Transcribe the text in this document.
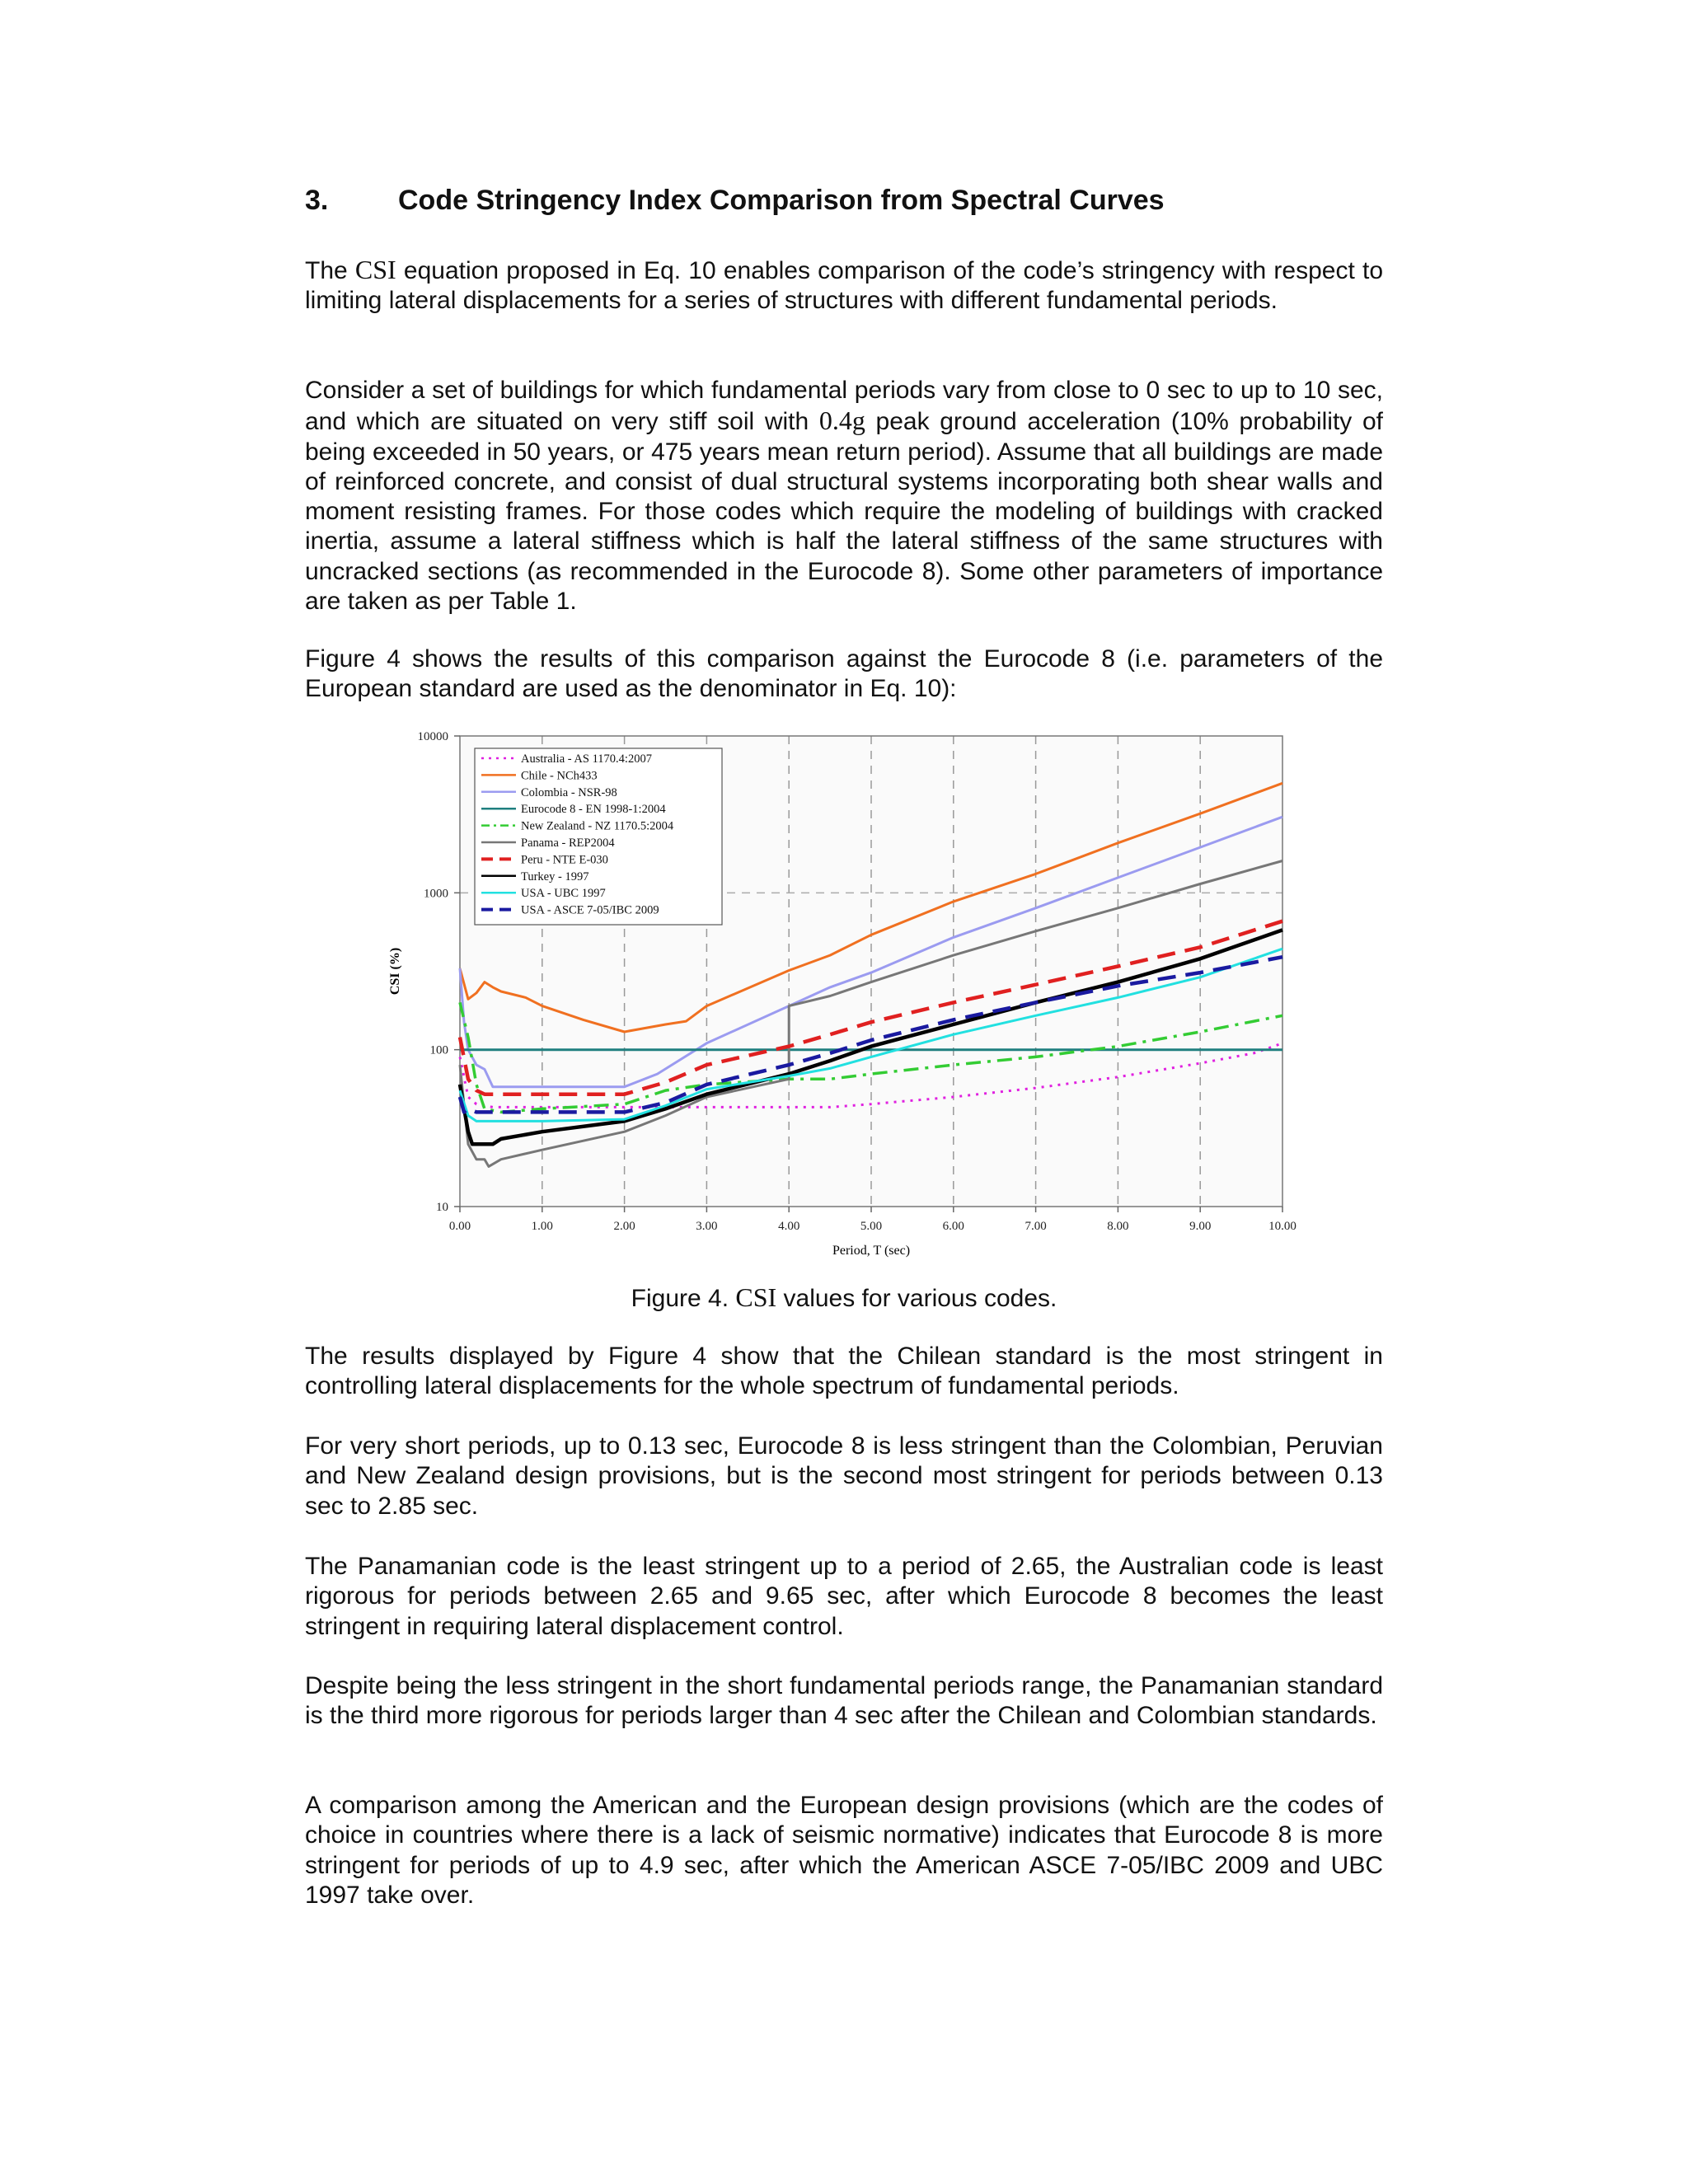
3. Code Stringency Index Comparison from Spectral Curves

The CSI equation proposed in Eq. 10 enables comparison of the code’s stringency with respect to limiting lateral displacements for a series of structures with different fundamental periods.

Consider a set of buildings for which fundamental periods vary from close to 0 sec to up to 10 sec, and which are situated on very stiff soil with 0.4g peak ground acceleration (10% probability of being exceeded in 50 years, or 475 years mean return period). Assume that all buildings are made of reinforced concrete, and consist of dual structural systems incorporating both shear walls and moment resisting frames. For those codes which require the modeling of buildings with cracked inertia, assume a lateral stiffness which is half the lateral stiffness of the same structures with uncracked sections (as recommended in the Eurocode 8). Some other parameters of importance are taken as per Table 1.

Figure 4 shows the results of this comparison against the Eurocode 8 (i.e. parameters of the European standard are used as the denominator in Eq. 10):

Figure 4. CSI values for various codes.

The results displayed by Figure 4 show that the Chilean standard is the most stringent in controlling lateral displacements for the whole spectrum of fundamental periods.

For very short periods, up to 0.13 sec, Eurocode 8 is less stringent than the Colombian, Peruvian and New Zealand design provisions, but is the second most stringent for periods between 0.13 sec to 2.85 sec.

The Panamanian code is the least stringent up to a period of 2.65, the Australian code is least rigorous for periods between 2.65 and 9.65 sec, after which Eurocode 8 becomes the least stringent in requiring lateral displacement control.

Despite being the less stringent in the short fundamental periods range, the Panamanian standard is the third more rigorous for periods larger than 4 sec after the Chilean and Colombian standards.

A comparison among the American and the European design provisions (which are the codes of choice in countries where there is a lack of seismic normative) indicates that Eurocode 8 is more stringent for periods of up to 4.9 sec, after which the American ASCE 7-05/IBC 2009 and UBC 1997 take over.

0.00	1.00	2.00	3.00	4.00	5.00	6.00	7.00	8.00	9.00	10.00
10
100
1000
10000
Australia - AS 1170.4:2007
Chile - NCh433
Colombia - NSR-98
Eurocode 8 - EN 1998-1:2004
New Zealand - NZ 1170.5:2004
Panama - REP2004
Peru - NTE E-030
Turkey - 1997
USA - UBC 1997
USA - ASCE 7-05/IBC 2009
CSI (%)
Period, T (sec)
